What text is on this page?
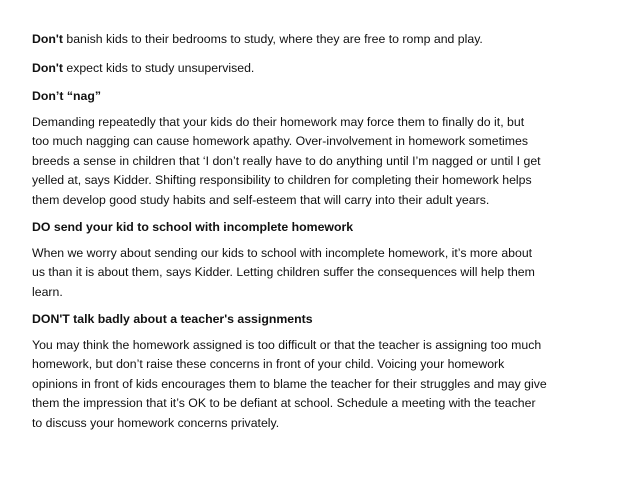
Don't banish kids to their bedrooms to study, where they are free to romp and play.

Don't expect kids to study unsupervised.

Don’t “nag”

Demanding repeatedly that your kids do their homework may force them to finally do it, but
too much nagging can cause homework apathy. Over-involvement in homework sometimes
breeds a sense in children that ‘I don’t really have to do anything until I’m nagged or until I get
yelled at, says Kidder. Shifting responsibility to children for completing their homework helps
them develop good study habits and self-esteem that will carry into their adult years.

DO send your kid to school with incomplete homework

When we worry about sending our kids to school with incomplete homework, it’s more about
us than it is about them, says Kidder. Letting children suffer the consequences will help them
learn.

DON'T talk badly about a teacher's assignments

You may think the homework assigned is too difficult or that the teacher is assigning too much
homework, but don’t raise these concerns in front of your child. Voicing your homework
opinions in front of kids encourages them to blame the teacher for their struggles and may give
them the impression that it’s OK to be defiant at school. Schedule a meeting with the teacher
to discuss your homework concerns privately.
